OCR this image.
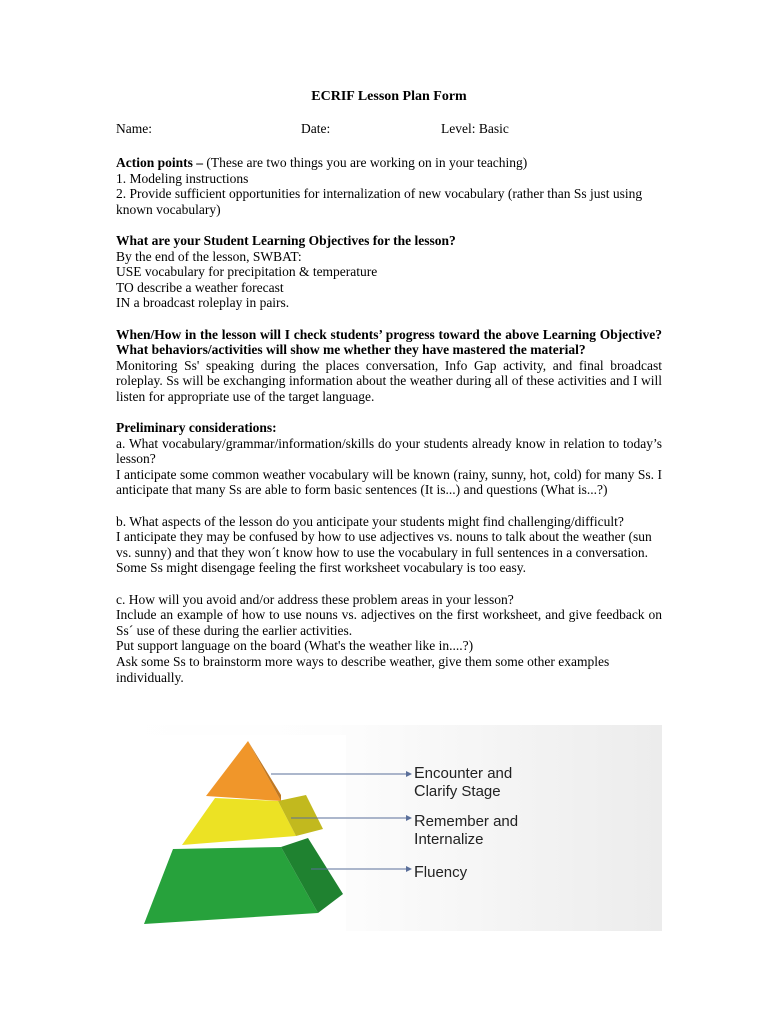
ECRIF Lesson Plan Form
Name:	Date:	Level: Basic

Action points – (These are two things you are working on in your teaching)

1. Modeling instructions

2. Provide sufficient opportunities for internalization of new vocabulary (rather than Ss just using known vocabulary)

What are your Student Learning Objectives for the lesson?

By the end of the lesson, SWBAT:

USE vocabulary for precipitation & temperature

TO describe a weather forecast

IN a broadcast roleplay in pairs.

When/How in the lesson will I check students’ progress toward the above Learning Objective? What behaviors/activities will show me whether they have mastered the material?

Monitoring Ss' speaking during the places conversation, Info Gap activity, and final broadcast roleplay. Ss will be exchanging information about the weather during all of these activities and I will listen for appropriate use of the target language.

Preliminary considerations:

a. What vocabulary/grammar/information/skills do your students already know in relation to today’s lesson?

I anticipate some common weather vocabulary will be known (rainy, sunny, hot, cold) for many Ss. I anticipate that many Ss are able to form basic sentences (It is...) and questions (What is...?)

b. What aspects of the lesson do you anticipate your students might find challenging/difficult?

I anticipate they may be confused by how to use adjectives vs. nouns to talk about the weather (sun vs. sunny) and that they won´t know how to use the vocabulary in full sentences in a conversation. Some Ss might disengage feeling the first worksheet vocabulary is too easy.

c. How will you avoid and/or address these problem areas in your lesson?

Include an example of how to use nouns vs. adjectives on the first worksheet, and give feedback on Ss´ use of these during the earlier activities.

Put support language on the board (What's the weather like in....?)

Ask some Ss to brainstorm more ways to describe weather, give them some other examples individually.

Encounter and
Clarify Stage
Remember and
Internalize
Fluency
